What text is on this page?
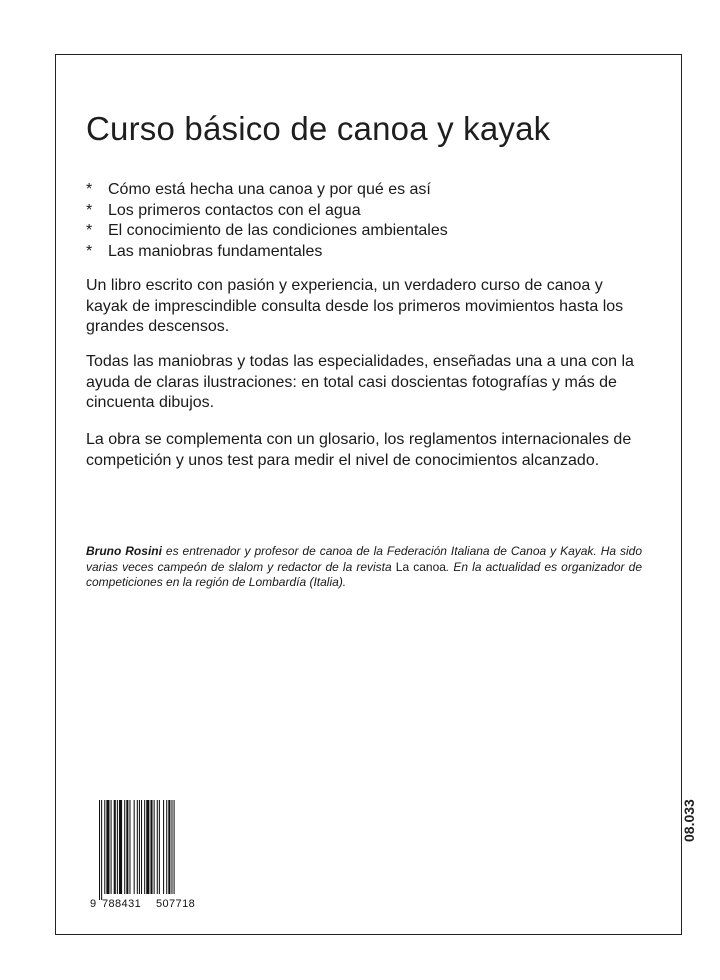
Curso básico de canoa y kayak
* Cómo está hecha una canoa y por qué es así
* Los primeros contactos con el agua
* El conocimiento de las condiciones ambientales
* Las maniobras fundamentales

Un libro escrito con pasión y experiencia, un verdadero curso de canoa y kayak de imprescindible consulta desde los primeros movimientos hasta los grandes descensos.

Todas las maniobras y todas las especialidades, enseñadas una a una con la ayuda de claras ilustraciones: en total casi doscientas fotografías y más de cincuenta dibujos.

La obra se complementa con un glosario, los reglamentos internacionales de competición y unos test para medir el nivel de conocimientos alcanzado.

Bruno Rosini es entrenador y profesor de canoa de la Federación Italiana de Canoa y Kayak. Ha sido varias veces campeón de slalom y redactor de la revista La canoa. En la actualidad es organizador de competiciones en la región de Lombardía (Italia).

9 788431 507718
08.033
